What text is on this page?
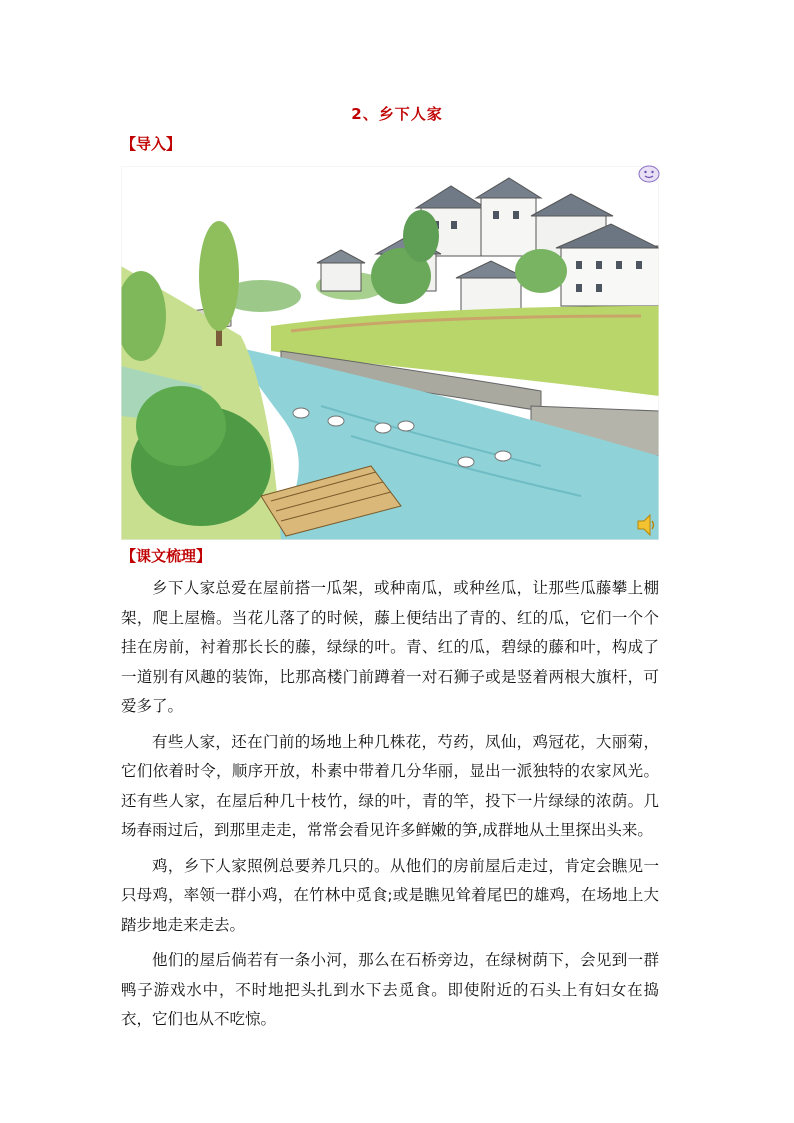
2、乡下人家
【导入】
【课文梳理】

乡下人家总爱在屋前搭一瓜架，或种南瓜，或种丝瓜，让那些瓜藤攀上棚架，爬上屋檐。当花儿落了的时候，藤上便结出了青的、红的瓜，它们一个个挂在房前，衬着那长长的藤，绿绿的叶。青、红的瓜，碧绿的藤和叶，构成了一道别有风趣的装饰，比那高楼门前蹲着一对石狮子或是竖着两根大旗杆，可爱多了。

有些人家，还在门前的场地上种几株花，芍药，凤仙，鸡冠花，大丽菊，它们依着时令，顺序开放，朴素中带着几分华丽，显出一派独特的农家风光。还有些人家，在屋后种几十枝竹，绿的叶，青的竿，投下一片绿绿的浓荫。几场春雨过后，到那里走走，常常会看见许多鲜嫩的笋,成群地从土里探出头来。

鸡，乡下人家照例总要养几只的。从他们的房前屋后走过，肯定会瞧见一只母鸡，率领一群小鸡，在竹林中觅食;或是瞧见耸着尾巴的雄鸡，在场地上大踏步地走来走去。

他们的屋后倘若有一条小河，那么在石桥旁边，在绿树荫下，会见到一群鸭子游戏水中，不时地把头扎到水下去觅食。即使附近的石头上有妇女在捣衣，它们也从不吃惊。
